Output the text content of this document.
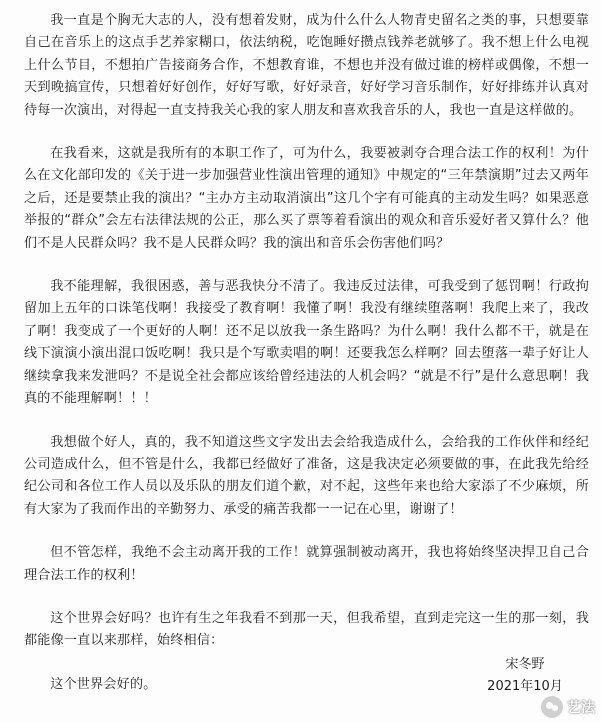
我一直是个胸无大志的人，没有想着发财，成为什么什么人物青史留名之类的事，只想要靠自己在音乐上的这点手艺养家糊口，依法纳税，吃饱睡好攒点钱养老就够了。我不想上什么电视上什么节目，不想拍广告接商务合作，不想教育谁，不想也并没有做过谁的榜样或偶像，不想一天到晚搞宣传，只想着好好创作，好好写歌，好好录音，好好学习音乐制作，好好排练并认真对待每一次演出，对得起一直支持我关心我的家人朋友和喜欢我音乐的人，我也一直是这样做的。

在我看来，这就是我所有的本职工作了，可为什么，我要被剥夺合理合法工作的权利！为什么在文化部印发的《关于进一步加强营业性演出管理的通知》中规定的“三年禁演期”过去又两年之后，还是要禁止我的演出？“主办方主动取消演出”这几个字有可能真的主动发生吗？如果恶意举报的“群众”会左右法律法规的公正，那么买了票等着看演出的观众和音乐爱好者又算什么？他们不是人民群众吗？我不是人民群众吗？我的演出和音乐会伤害他们吗？

我不能理解，我很困惑，善与恶我快分不清了。我违反过法律，可我受到了惩罚啊！行政拘留加上五年的口诛笔伐啊！我接受了教育啊！我懂了啊！我没有继续堕落啊！我爬上来了，我改了啊！我变成了一个更好的人啊！还不足以放我一条生路吗？为什么啊！我什么都不干，就是在线下演演小演出混口饭吃啊！我只是个写歌卖唱的啊！还要我怎么样啊？回去堕落一辈子好让人继续拿我来发泄吗？不是说全社会都应该给曾经违法的人机会吗？“就是不行”是什么意思啊！我真的不能理解啊！！！

我想做个好人，真的，我不知道这些文字发出去会给我造成什么，会给我的工作伙伴和经纪公司造成什么，但不管是什么，我都已经做好了准备，这是我决定必须要做的事，在此我先给经纪公司和各位工作人员以及乐队的朋友们道个歉，对不起，这些年来也给大家添了不少麻烦，所有大家为了我而作出的辛勤努力、承受的痛苦我都一一记在心里，谢谢了！

但不管怎样，我绝不会主动离开我的工作！就算强制被动离开，我也将始终坚决捍卫自己合理合法工作的权利！

这个世界会好吗？也许有生之年我看不到那一天，但我希望，直到走完这一生的那一刻，我都能像一直以来那样，始终相信：

这个世界会好的。

宋冬野
2021年10月
艺法
